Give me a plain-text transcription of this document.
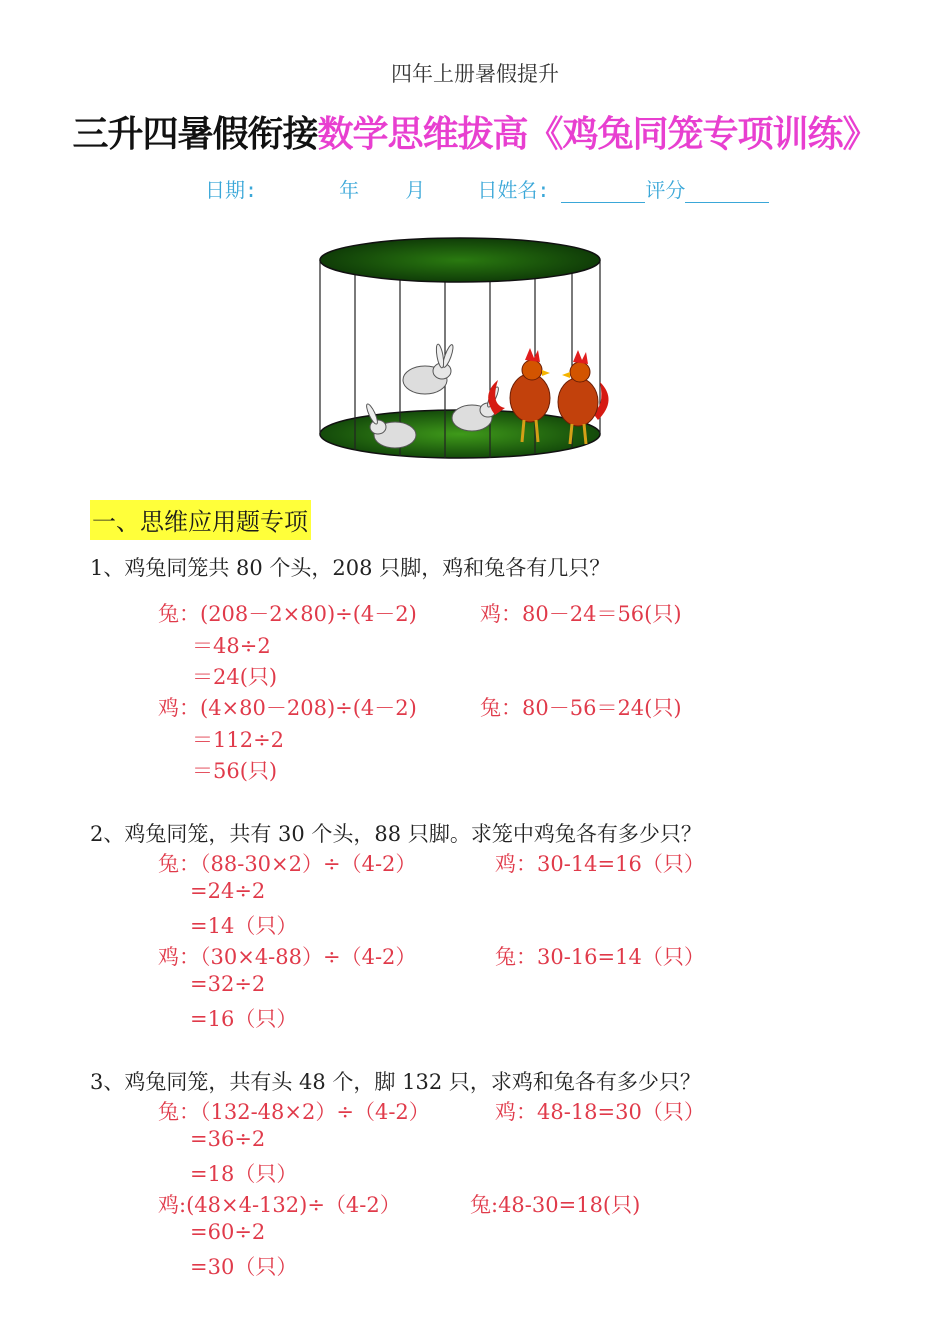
四年上册暑假提升
三升四暑假衔接数学思维拔高《鸡兔同笼专项训练》
日期:	年 月	日姓名:	评分
一、思维应用题专项
1、鸡兔同笼共 80 个头，208 只脚，鸡和兔各有几只？
兔：(208－2×80)÷(4－2)	鸡：80－24＝56(只)
＝48÷2
＝24(只)
鸡：(4×80－208)÷(4－2)	兔：80－56＝24(只)
＝112÷2
＝56(只)
2、鸡兔同笼，共有 30 个头，88 只脚。求笼中鸡兔各有多少只？
兔：（88-30×2）÷（4-2）	鸡：30-14=16（只）
=24÷2
=14（只）
鸡：（30×4-88）÷（4-2）	兔：30-16=14（只）
=32÷2
=16（只）
3、鸡兔同笼，共有头 48 个，脚 132 只，求鸡和兔各有多少只？
兔：（132-48×2）÷（4-2）	鸡：48-18=30（只）
=36÷2
=18（只）
鸡:(48×4-132)÷（4-2）	兔:48-30=18(只)
=60÷2
=30（只）
